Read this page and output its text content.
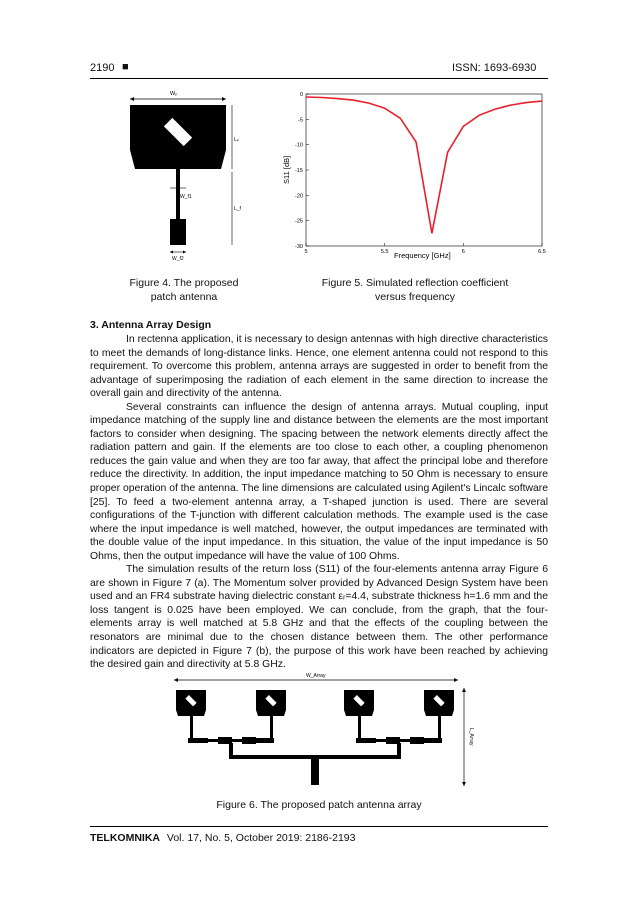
2190 ■	ISSN: 1693-6930
Wₚ
W_f1
W_f2
Lₚ
L_f
Figure 4. The proposed
patch antenna
0
-5
-10
-15
-20
-25
-30
5	5.5	6	6.5
Frequency [GHz]
S11 [dB]
Figure 5. Simulated reflection coefficient
versus frequency
3. Antenna Array Design

In rectenna application, it is necessary to design antennas with high directive characteristics to meet the demands of long-distance links. Hence, one element antenna could not respond to this requirement. To overcome this problem, antenna arrays are suggested in order to benefit from the advantage of superimposing the radiation of each element in the same direction to increase the overall gain and directivity of the antenna.

Several constraints can influence the design of antenna arrays. Mutual coupling, input impedance matching of the supply line and distance between the elements are the most important factors to consider when designing. The spacing between the network elements directly affect the radiation pattern and gain. If the elements are too close to each other, a coupling phenomenon reduces the gain value and when they are too far away, that affect the principal lobe and therefore reduce the directivity. In addition, the input impedance matching to 50 Ohm is necessary to ensure proper operation of the antenna. The line dimensions are calculated using Agilent's Lincalc software [25]. To feed a two-element antenna array, a T-shaped junction is used. There are several configurations of the T-junction with different calculation methods. The example used is the case where the input impedance is well matched, however, the output impedances are terminated with the double value of the input impedance. In this situation, the value of the input impedance is 50 Ohms, then the output impedance will have the value of 100 Ohms.

The simulation results of the return loss (S11) of the four-elements antenna array Figure 6 are shown in Figure 7 (a). The Momentum solver provided by Advanced Design System have been used and an FR4 substrate having dielectric constant εᵣ=4.4, substrate thickness h=1.6 mm and the loss tangent is 0.025 have been employed. We can conclude, from the graph, that the four-elements array is well matched at 5.8 GHz and that the effects of the coupling between the resonators are minimal due to the chosen distance between them. The other performance indicators are depicted in Figure 7 (b), the purpose of this work have been reached by achieving the desired gain and directivity at 5.8 GHz.

W_Array
L_Array
Figure 6. The proposed patch antenna array
TELKOMNIKA Vol. 17, No. 5, October 2019: 2186-2193
